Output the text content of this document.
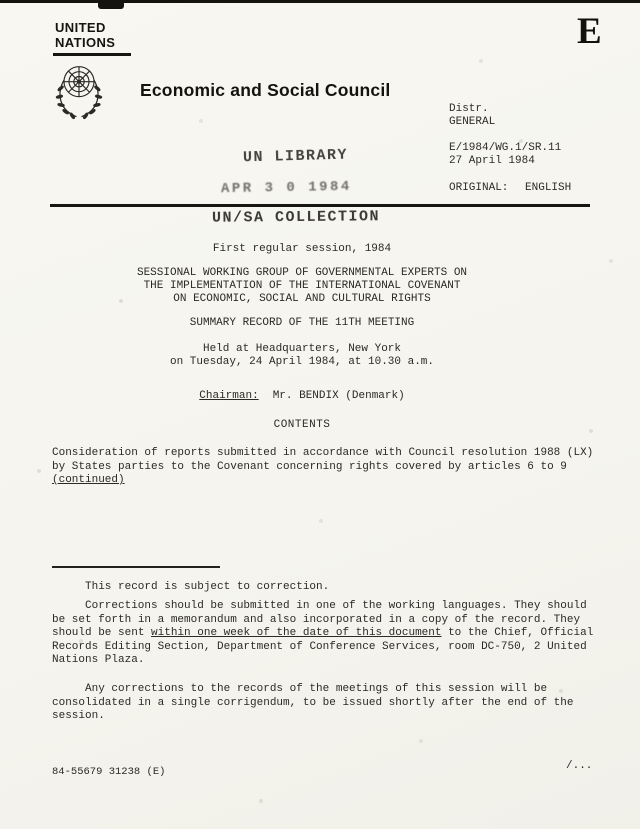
UNITED
NATIONS	E
Economic and Social Council
Distr.
GENERAL
E/1984/WG.1/SR.11
27 April 1984
ORIGINAL: ENGLISH
UN LIBRARY
APR 3 0 1984
UN/SA COLLECTION
First regular session, 1984
SESSIONAL WORKING GROUP OF GOVERNMENTAL EXPERTS ON
THE IMPLEMENTATION OF THE INTERNATIONAL COVENANT
ON ECONOMIC, SOCIAL AND CULTURAL RIGHTS
SUMMARY RECORD OF THE 11TH MEETING
Held at Headquarters, New York
on Tuesday, 24 April 1984, at 10.30 a.m.
Chairman: Mr. BENDIX (Denmark)
CONTENTS
Consideration of reports submitted in accordance with Council resolution 1988 (LX) by States parties to the Covenant concerning rights covered by articles 6 to 9
(continued)
This record is subject to correction.
Corrections should be submitted in one of the working languages. They should be set forth in a memorandum and also incorporated in a copy of the record. They should be sent within one week of the date of this document to the Chief, Official Records Editing Section, Department of Conference Services, room DC-750, 2 United Nations Plaza.
Any corrections to the records of the meetings of this session will be consolidated in a single corrigendum, to be issued shortly after the end of the session.
84-55679 31238 (E)	/...
